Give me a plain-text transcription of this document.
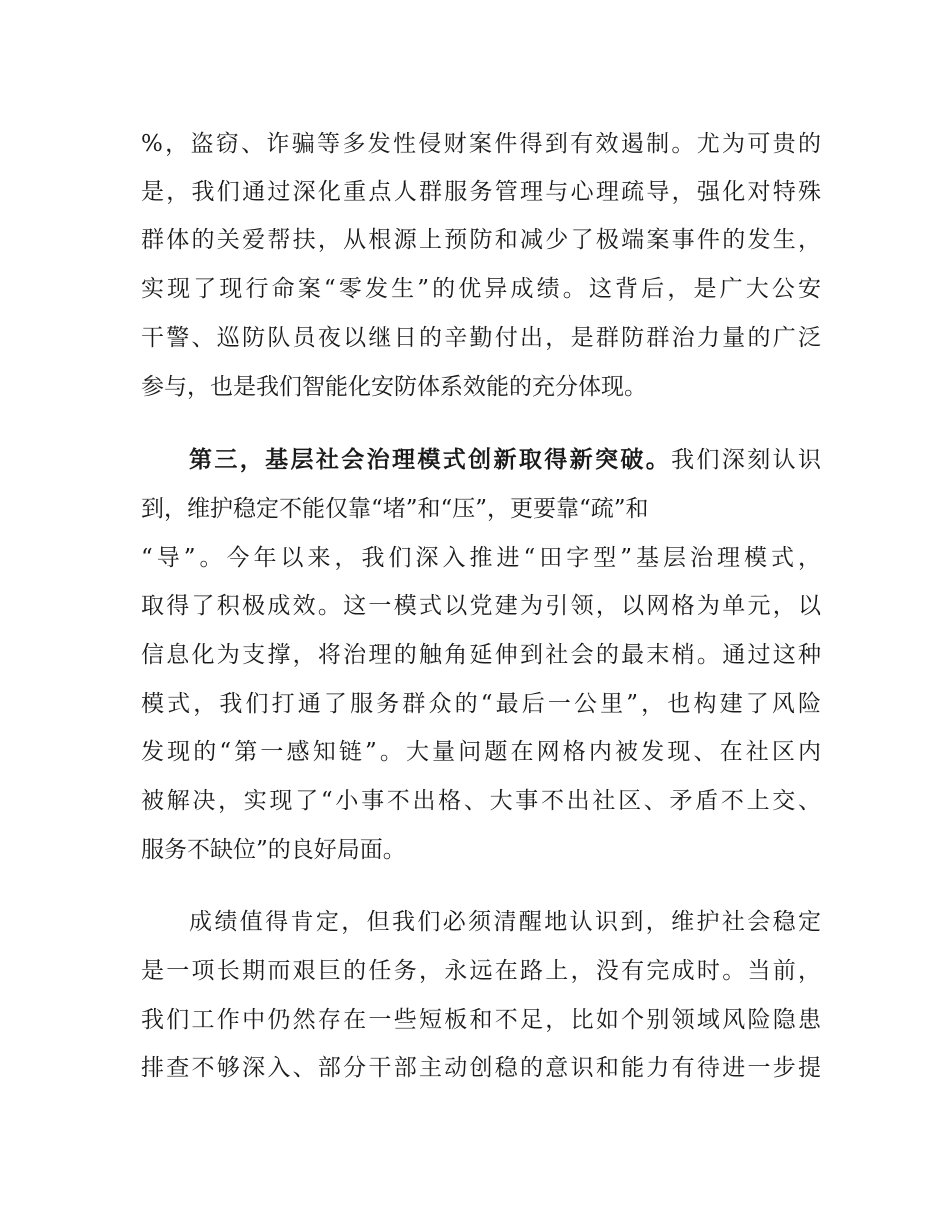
%，盗窃、诈骗等多发性侵财案件得到有效遏制。尤为可贵的
是，我们通过深化重点人群服务管理与心理疏导，强化对特殊
群体的关爱帮扶，从根源上预防和减少了极端案事件的发生，
实现了现行命案“零发生”的优异成绩。这背后，是广大公安
干警、巡防队员夜以继日的辛勤付出，是群防群治力量的广泛
参与，也是我们智能化安防体系效能的充分体现。
第三，基层社会治理模式创新取得新突破。我们深刻认识
到，维护稳定不能仅靠“堵”和“压”，更要靠“疏”和
“导”。今年以来，我们深入推进“田字型”基层治理模式，
取得了积极成效。这一模式以党建为引领，以网格为单元，以
信息化为支撑，将治理的触角延伸到社会的最末梢。通过这种
模式，我们打通了服务群众的“最后一公里”，也构建了风险
发现的“第一感知链”。大量问题在网格内被发现、在社区内
被解决，实现了“小事不出格、大事不出社区、矛盾不上交、
服务不缺位”的良好局面。
成绩值得肯定，但我们必须清醒地认识到，维护社会稳定
是一项长期而艰巨的任务，永远在路上，没有完成时。当前，
我们工作中仍然存在一些短板和不足，比如个别领域风险隐患
排查不够深入、部分干部主动创稳的意识和能力有待进一步提
